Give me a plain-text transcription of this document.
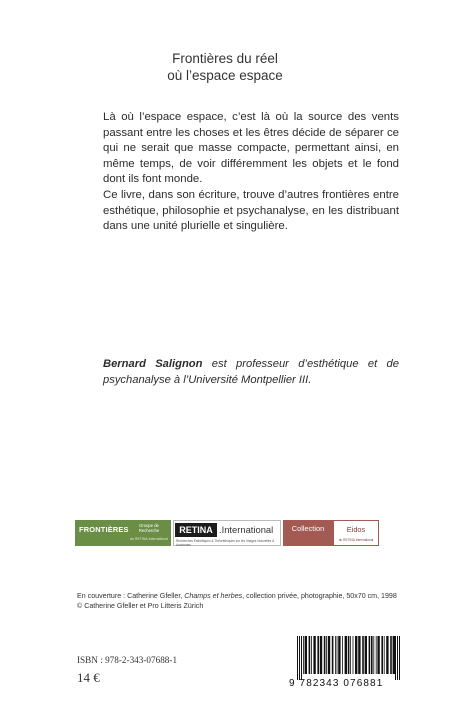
Frontières du réel
où l’espace espace

Là où l’espace espace, c’est là où la source des vents passant entre les choses et les êtres décide de séparer ce qui ne serait que masse compacte, permettant ainsi, en même temps, de voir différemment les objets et le fond dont ils font monde.

Ce livre, dans son écriture, trouve d’autres frontières entre esthétique, philosophie et psychanalyse, en les distribuant dans une unité plurielle et singulière.

Bernard Salignon est professeur d’esthétique et de psychanalyse à l’Université Montpellier III.
FRONTIÈRES	Groupe de Recherche
du RETINA.International
RETINA .International
Recherches Esthétiques & Théoréthiques sur les Images Nouvelles & Anciennes
Collection	Eidos
du RETINA.International
En couverture : Catherine Gfeller, Champs et herbes, collection privée, photographie, 50x70 cm, 1998
© Catherine Gfeller et Pro Litteris Zürich
ISBN : 978-2-343-07688-1
14 €	9 782343 076881
